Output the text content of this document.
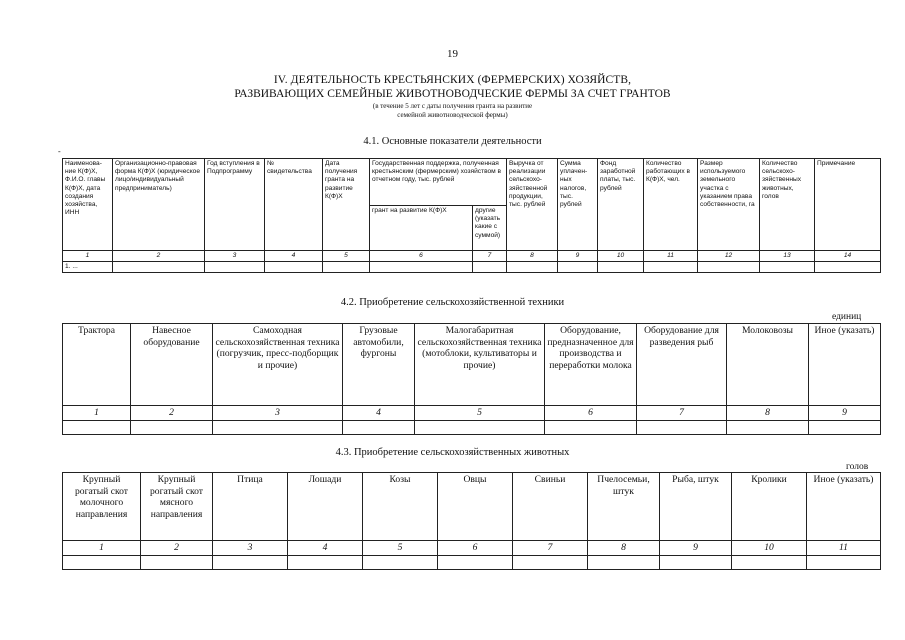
19
IV. ДЕЯТЕЛЬНОСТЬ КРЕСТЬЯНСКИХ (ФЕРМЕРСКИХ) ХОЗЯЙСТВ,
РАЗВИВАЮЩИХ СЕМЕЙНЫЕ ЖИВОТНОВОДЧЕСКИЕ ФЕРМЫ ЗА СЧЕТ ГРАНТОВ
(в течение 5 лет с даты получения гранта на развитие
семейной животноводческой фермы)
4.1. Основные показатели деятельности
-
Наименова-ние К(Ф)Х, Ф.И.О. главы К(Ф)Х, дата создания хозяйства, ИНН	Организационно-правовая форма К(Ф)Х (юридическое лицо/индивидуальный предприниматель)	Год вступления в Подпрограмму	№ свидетельства	Дата получения гранта на развитие К(Ф)Х	Государственная поддержка, полученная крестьянским (фермерским) хозяйством в отчетном году, тыс. рублей		Выручка от реализации сельскохо-зяйственной продукции, тыс. рублей	Сумма уплачен-ных налогов, тыс. рублей	Фонд заработной платы, тыс. рублей	Количество работающих в К(Ф)Х, чел.	Размер используемого земельного участка с указанием права собственности, га	Количество сельскохо-зяйственных животных, голов	Примечание
					грант на развитие К(Ф)Х	другие (указать какие с суммой)							
1	2	3	4	5	6	7	8	9	10	11	12	13	14
1. ...													
4.2. Приобретение сельскохозяйственной техники
единиц
Трактора	Навесное оборудование	Самоходная сельскохозяйственная техника (погрузчик, пресс-подборщик и прочие)	Грузовые автомобили, фургоны	Малогабаритная сельскохозяйственная техника (мотоблоки, культиваторы и прочие)	Оборудование, предназначенное для производства и переработки молока	Оборудование для разведения рыб	Молоковозы	Иное (указать)
1	2	3	4	5	6	7	8	9

4.3. Приобретение сельскохозяйственных животных
голов
Крупный рогатый скот молочного направления	Крупный рогатый скот мясного направления	Птица	Лошади	Козы	Овцы	Свиньи	Пчелосемьи, штук	Рыба, штук	Кролики	Иное (указать)
1	2	3	4	5	6	7	8	9	10	11
